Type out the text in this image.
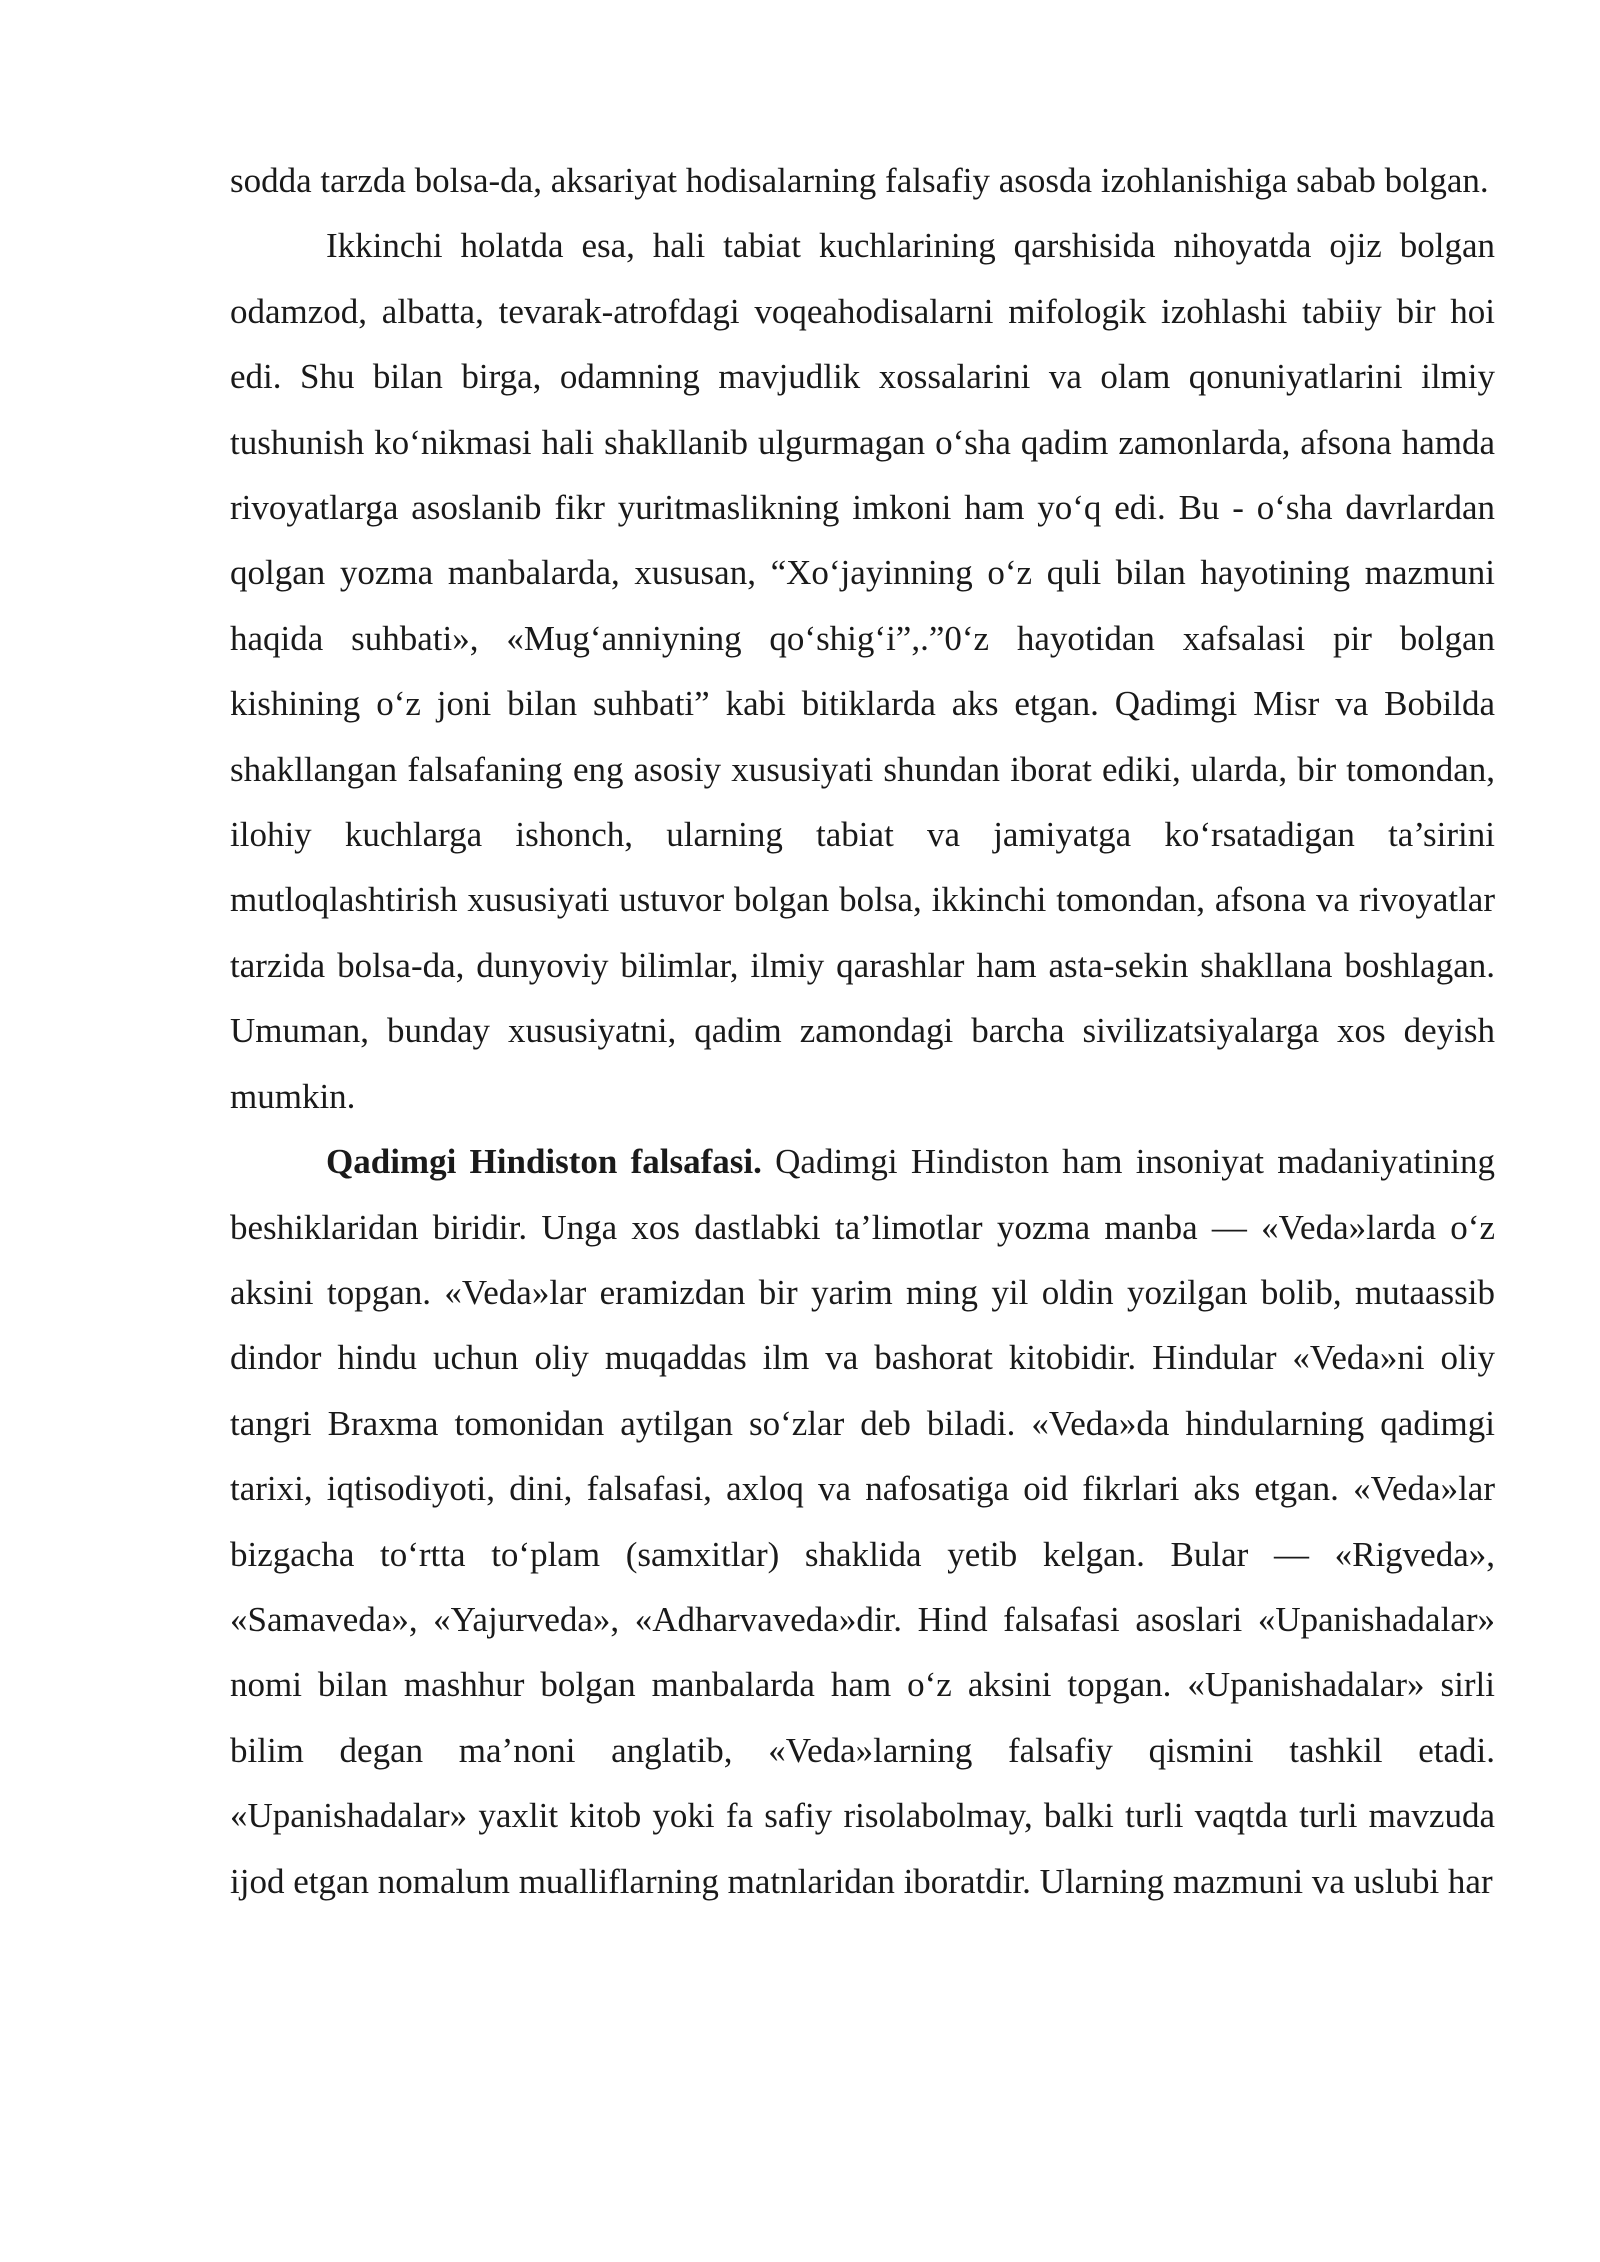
sodda tarzda bolsa-da, aksariyat hodisalarning falsafiy asosda izohlanishiga sabab bolgan.

Ikkinchi holatda esa, hali tabiat kuchlarining qarshisida nihoyatda ojiz bolgan odamzod, albatta, tevarak-atrofdagi voqeahodisalarni mifologik izohlashi tabiiy bir hoi edi. Shu bilan birga, odamning mavjudlik xossalarini va olam qonuniyatlarini ilmiy tushunish ko‘nikmasi hali shakllanib ulgurmagan o‘sha qadim zamonlarda, afsona hamda rivoyatlarga asoslanib fikr yuritmaslikning imkoni ham yo‘q edi. Bu - o‘sha davrlardan qolgan yozma manbalarda, xususan, “Xo‘jayinning o‘z quli bilan hayotining mazmuni haqida suhbati», «Mug‘anniyning qo‘shig‘i”,.”0‘z hayotidan xafsalasi pir bolgan kishining o‘z joni bilan suhbati” kabi bitiklarda aks etgan. Qadimgi Misr va Bobilda shakllangan falsafaning eng asosiy xususiyati shundan iborat ediki, ularda, bir tomondan, ilohiy kuchlarga ishonch, ularning tabiat va jamiyatga ko‘rsatadigan ta’sirini mutloqlashtirish xususiyati ustuvor bolgan bolsa, ikkinchi tomondan, afsona va rivoyatlar tarzida bolsa-da, dunyoviy bilimlar, ilmiy qarashlar ham asta-sekin shakllana boshlagan. Umuman, bunday xususiyatni, qadim zamondagi barcha sivilizatsiyalarga xos deyish mumkin.

Qadimgi Hindiston falsafasi. Qadimgi Hindiston ham insoniyat madaniyatining beshiklaridan biridir. Unga xos dastlabki ta’limotlar yozma manba — «Veda»larda o‘z aksini topgan. «Veda»lar eramizdan bir yarim ming yil oldin yozilgan bolib, mutaassib dindor hindu uchun oliy muqaddas ilm va bashorat kitobidir. Hindular «Veda»ni oliy tangri Braxma tomonidan aytilgan so‘zlar deb biladi. «Veda»da hindularning qadimgi tarixi, iqtisodiyoti, dini, falsafasi, axloq va nafosatiga oid fikrlari aks etgan. «Veda»lar bizgacha to‘rtta to‘plam (samxitlar) shaklida yetib kelgan. Bular — «Rigveda», «Samaveda», «Yajurveda», «Adharvaveda»dir. Hind falsafasi asoslari «Upanishadalar» nomi bilan mashhur bolgan manbalarda ham o‘z aksini topgan. «Upanishadalar» sirli bilim degan ma’noni anglatib, «Veda»larning falsafiy qismini tashkil etadi. «Upanishadalar» yaxlit kitob yoki fa safiy risolabolmay, balki turli vaqtda turli mavzuda ijod etgan nomalum mualliflarning matnlaridan iboratdir. Ularning mazmuni va uslubi har
